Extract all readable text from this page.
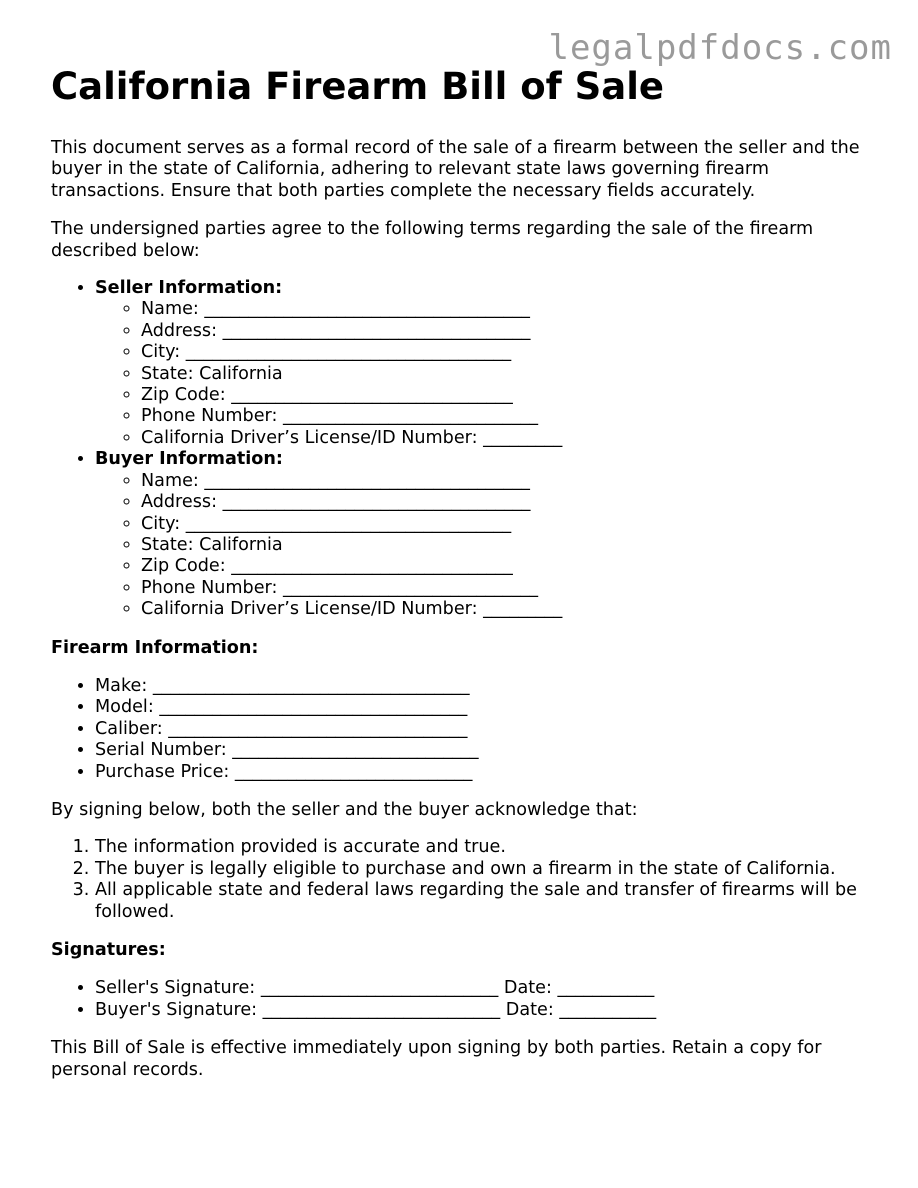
legalpdfdocs.com
California Firearm Bill of Sale

This document serves as a formal record of the sale of a firearm between the seller and the buyer in the state of California, adhering to relevant state laws governing firearm transactions. Ensure that both parties complete the necessary fields accurately.

The undersigned parties agree to the following terms regarding the sale of the firearm described below:

• Seller Information:
◦ Name: _____________________________________
◦ Address: ___________________________________
◦ City: _____________________________________
◦ State: California
◦ Zip Code: ________________________________
◦ Phone Number: _____________________________
◦ California Driver’s License/ID Number: _________
• Buyer Information:
◦ Name: _____________________________________
◦ Address: ___________________________________
◦ City: _____________________________________
◦ State: California
◦ Zip Code: ________________________________
◦ Phone Number: _____________________________
◦ California Driver’s License/ID Number: _________
Firearm Information:
• Make: ____________________________________
• Model: ___________________________________
• Caliber: __________________________________
• Serial Number: ____________________________
• Purchase Price: ___________________________

By signing below, both the seller and the buyer acknowledge that:

1. The information provided is accurate and true.
2. The buyer is legally eligible to purchase and own a firearm in the state of California.
3. All applicable state and federal laws regarding the sale and transfer of firearms will be followed.
Signatures:
• Seller's Signature: ___________________________ Date: ___________
• Buyer's Signature: ___________________________ Date: ___________

This Bill of Sale is effective immediately upon signing by both parties. Retain a copy for personal records.
